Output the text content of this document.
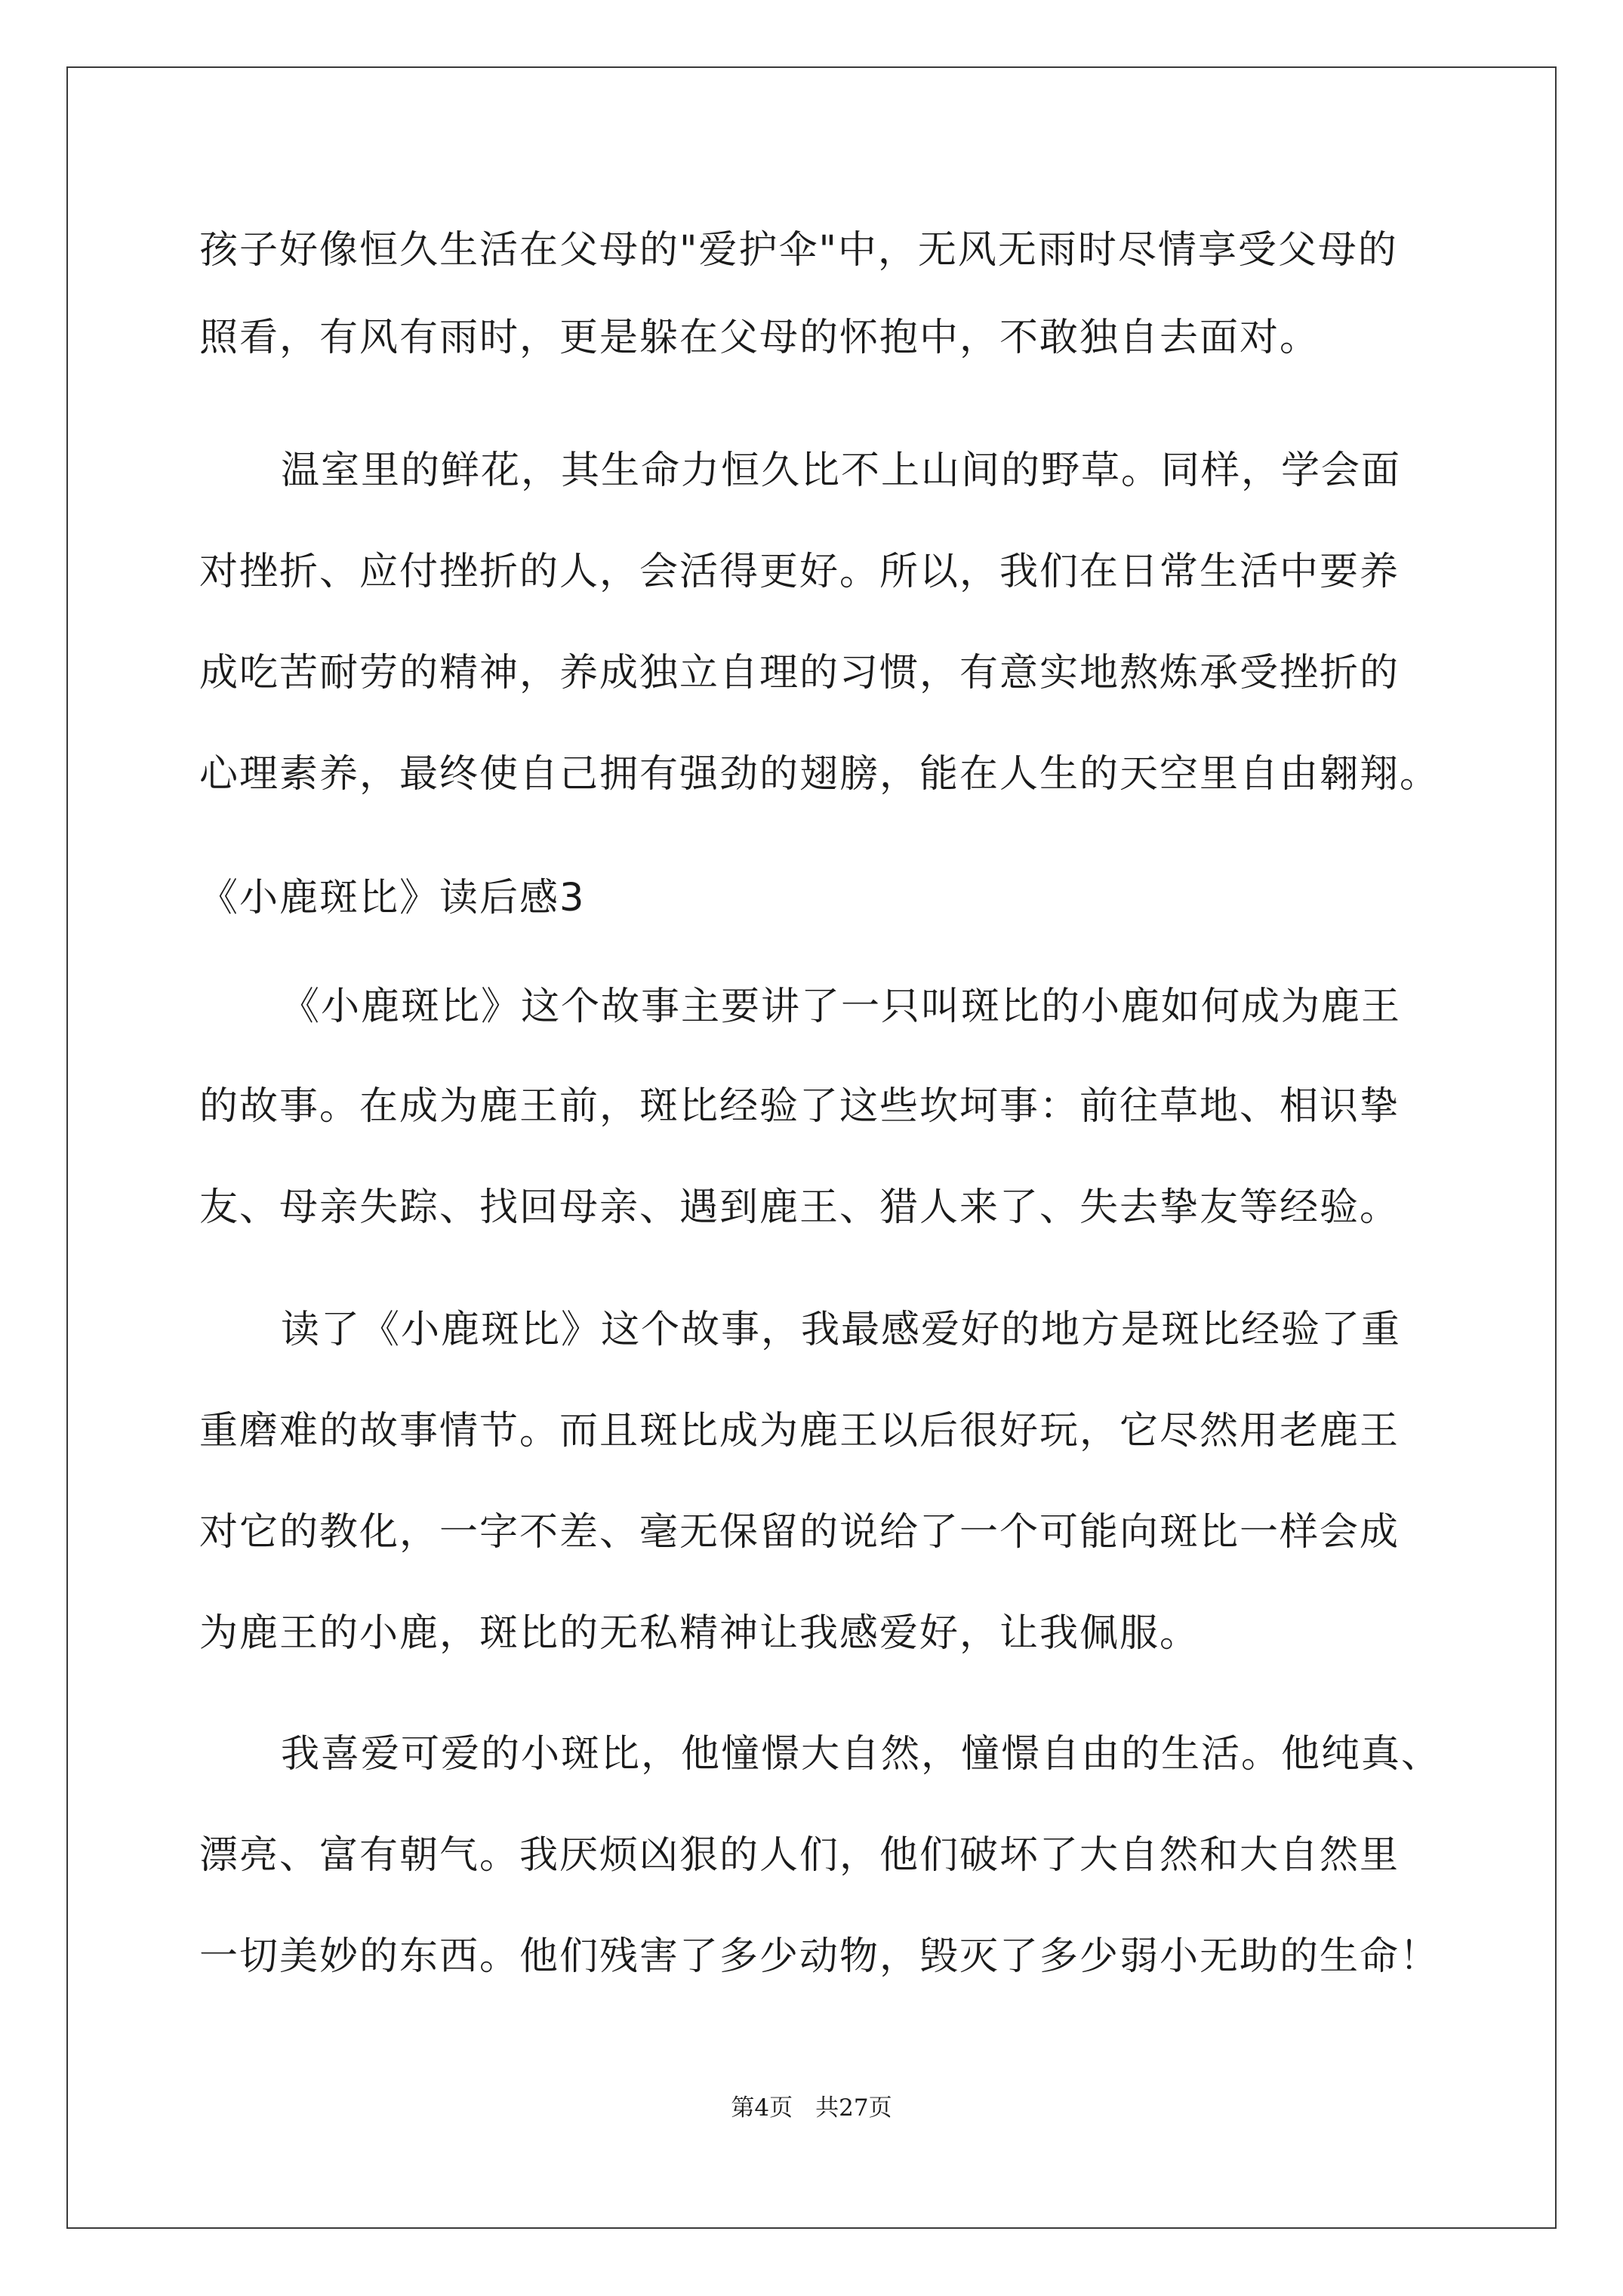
孩子好像恒久生活在父母的"爱护伞"中，无风无雨时尽情享受父母的
照看，有风有雨时，更是躲在父母的怀抱中，不敢独自去面对。
温室里的鲜花，其生命力恒久比不上山间的野草。同样，学会面
对挫折、应付挫折的人，会活得更好。所以，我们在日常生活中要养
成吃苦耐劳的精神，养成独立自理的习惯，有意实地熬炼承受挫折的
心理素养，最终使自己拥有强劲的翅膀，能在人生的天空里自由翱翔。
《小鹿斑比》读后感3
《小鹿斑比》这个故事主要讲了一只叫斑比的小鹿如何成为鹿王
的故事。在成为鹿王前，斑比经验了这些坎坷事：前往草地、相识挚
友、母亲失踪、找回母亲、遇到鹿王、猎人来了、失去挚友等经验。
读了《小鹿斑比》这个故事，我最感爱好的地方是斑比经验了重
重磨难的故事情节。而且斑比成为鹿王以后很好玩，它尽然用老鹿王
对它的教化，一字不差、毫无保留的说给了一个可能向斑比一样会成
为鹿王的小鹿，斑比的无私精神让我感爱好，让我佩服。
我喜爱可爱的小斑比，他憧憬大自然，憧憬自由的生活。他纯真、
漂亮、富有朝气。我厌烦凶狠的人们，他们破坏了大自然和大自然里
一切美妙的东西。他们残害了多少动物，毁灭了多少弱小无助的生命！
第4页 共27页
